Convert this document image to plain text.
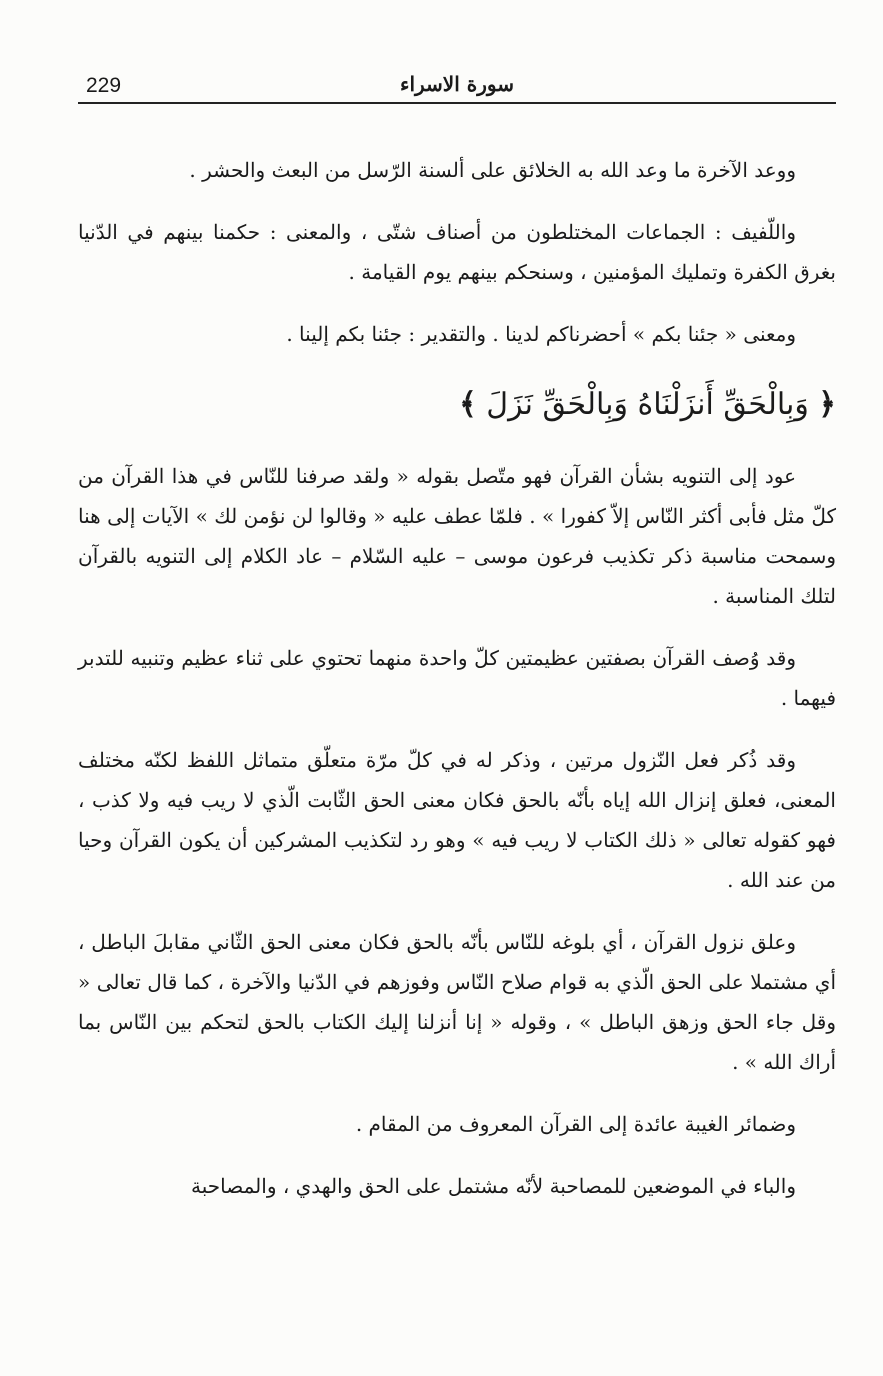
229	سورة الاسراء

ووعد الآخرة ما وعد الله به الخلائق على ألسنة الرّسل من البعث والحشر .

واللّفيف : الجماعات المختلطون من أصناف شتّى ، والمعنى : حكمنا بينهم في الدّنيا بغرق الكفرة وتمليك المؤمنين ، وسنحكم بينهم يوم القيامة .

ومعنى « جئنا بكم » أحضرناكم لدينا . والتقدير : جئنا بكم إلينا .

﴿ وَبِالْحَقِّ أَنزَلْنَاهُ وَبِالْحَقِّ نَزَلَ ﴾

عود إلى التنويه بشأن القرآن فهو متّصل بقوله « ولقد صرفنا للنّاس في هذا القرآن من كلّ مثل فأبى أكثر النّاس إلاّ كفورا » . فلمّا عطف عليه « وقالوا لن نؤمن لك » الآيات إلى هنا وسمحت مناسبة ذكر تكذيب فرعون موسى – عليه السّلام – عاد الكلام إلى التنويه بالقرآن لتلك المناسبة .

وقد وُصف القرآن بصفتين عظيمتين كلّ واحدة منهما تحتوي على ثناء عظيم وتنبيه للتدبر فيهما .

وقد ذُكر فعل النّزول مرتين ، وذكر له في كلّ مرّة متعلّق متماثل اللفظ لكنّه مختلف المعنى، فعلق إنزال الله إياه بأنّه بالحق فكان معنى الحق الثّابت الّذي لا ريب فيه ولا كذب ، فهو كقوله تعالى « ذلك الكتاب لا ريب فيه » وهو رد لتكذيب المشركين أن يكون القرآن وحيا من عند الله .

وعلق نزول القرآن ، أي بلوغه للنّاس بأنّه بالحق فكان معنى الحق الثّاني مقابلَ الباطل ، أي مشتملا على الحق الّذي به قوام صلاح النّاس وفوزهم في الدّنيا والآخرة ، كما قال تعالى « وقل جاء الحق وزهق الباطل » ، وقوله « إنا أنزلنا إليك الكتاب بالحق لتحكم بين النّاس بما أراك الله » .

وضمائر الغيبة عائدة إلى القرآن المعروف من المقام .

والباء في الموضعين للمصاحبة لأنّه مشتمل على الحق والهدي ، والمصاحبة
